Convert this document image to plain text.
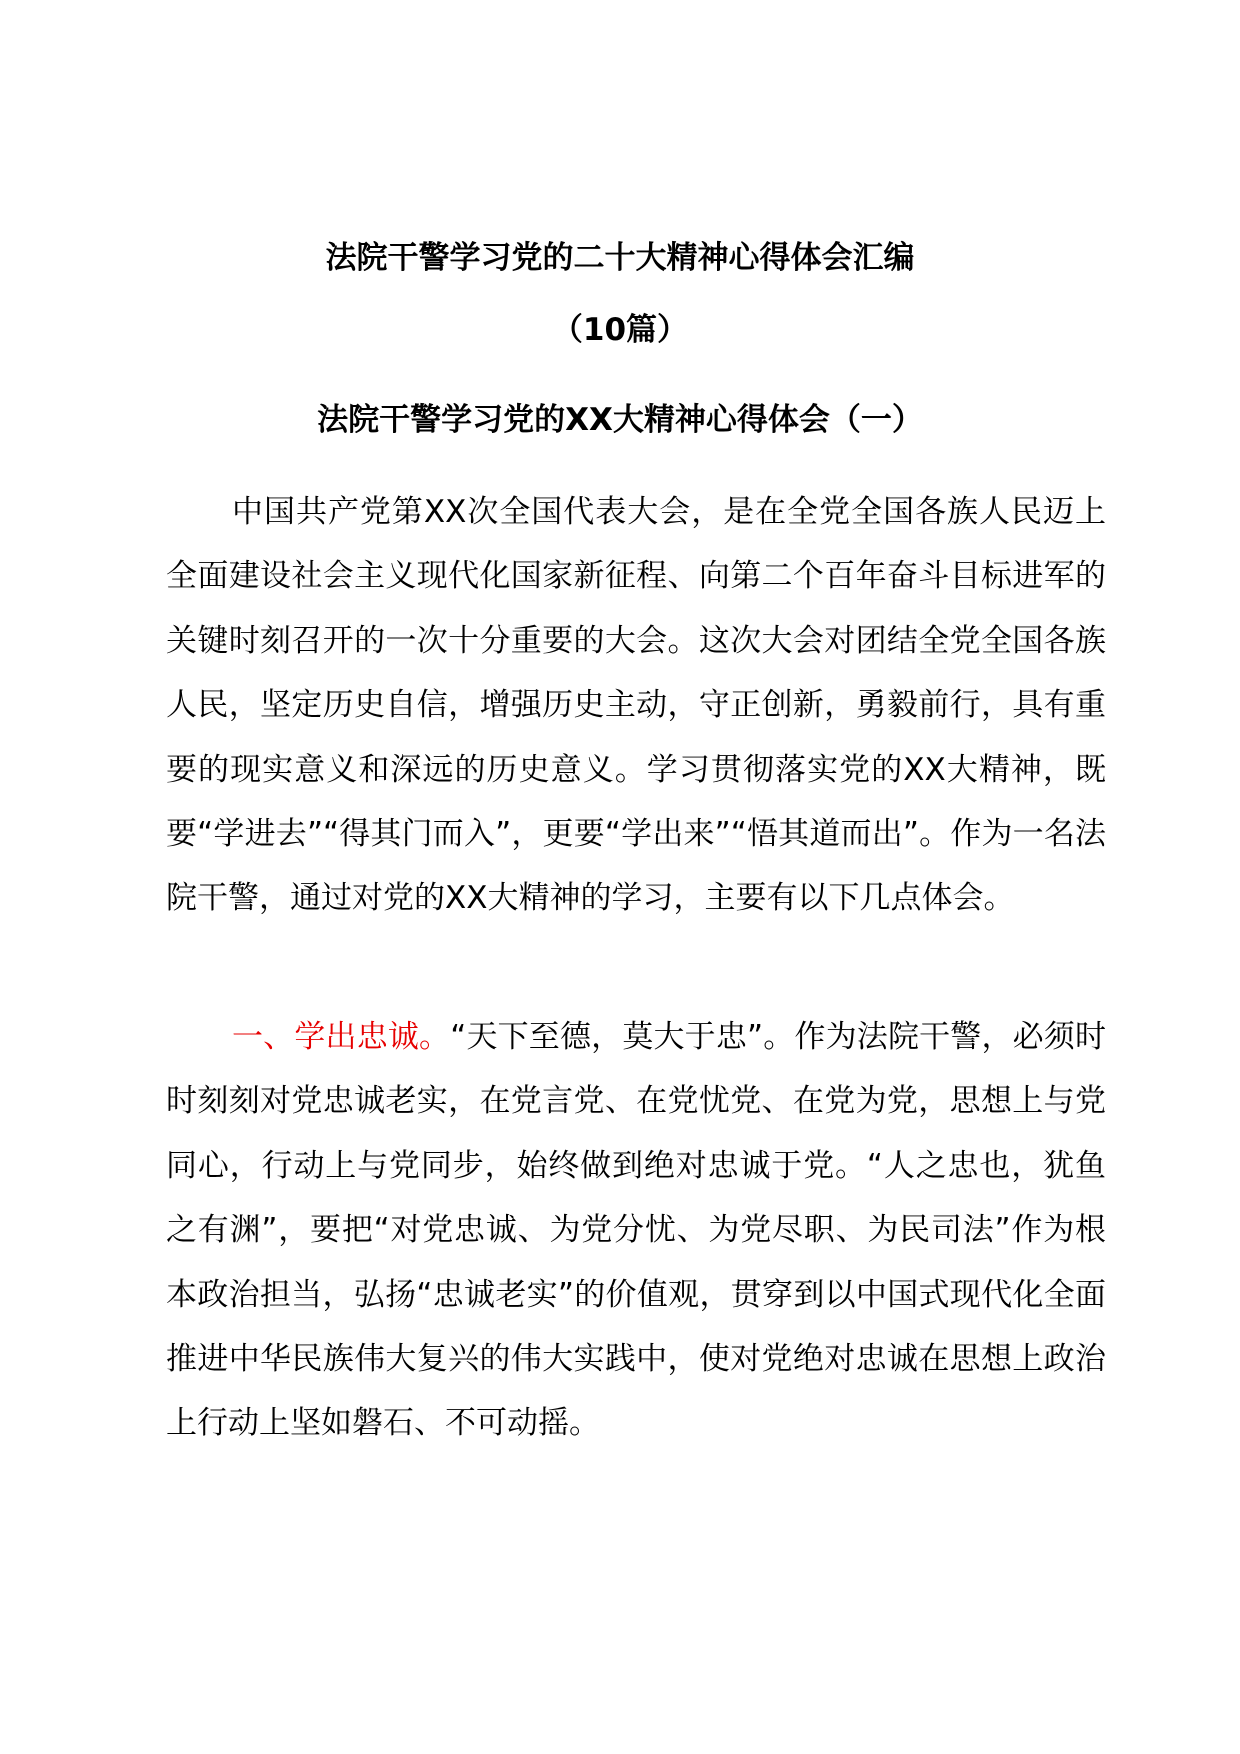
法院干警学习党的二十大精神心得体会汇编
（10篇）
法院干警学习党的XX大精神心得体会（一）
中国共产党第XX次全国代表大会，是在全党全国各族人民迈上全面建设社会主义现代化国家新征程、向第二个百年奋斗目标进军的关键时刻召开的一次十分重要的大会。这次大会对团结全党全国各族人民，坚定历史自信，增强历史主动，守正创新，勇毅前行，具有重要的现实意义和深远的历史意义。学习贯彻落实党的XX大精神，既要“学进去”“得其门而入”，更要“学出来”“悟其道而出”。作为一名法院干警，通过对党的XX大精神的学习，主要有以下几点体会。
一、学出忠诚。“天下至德，莫大于忠”。作为法院干警，必须时时刻刻对党忠诚老实，在党言党、在党忧党、在党为党，思想上与党同心，行动上与党同步，始终做到绝对忠诚于党。“人之忠也，犹鱼之有渊”，要把“对党忠诚、为党分忧、为党尽职、为民司法”作为根本政治担当，弘扬“忠诚老实”的价值观，贯穿到以中国式现代化全面推进中华民族伟大复兴的伟大实践中，使对党绝对忠诚在思想上政治上行动上坚如磐石、不可动摇。
